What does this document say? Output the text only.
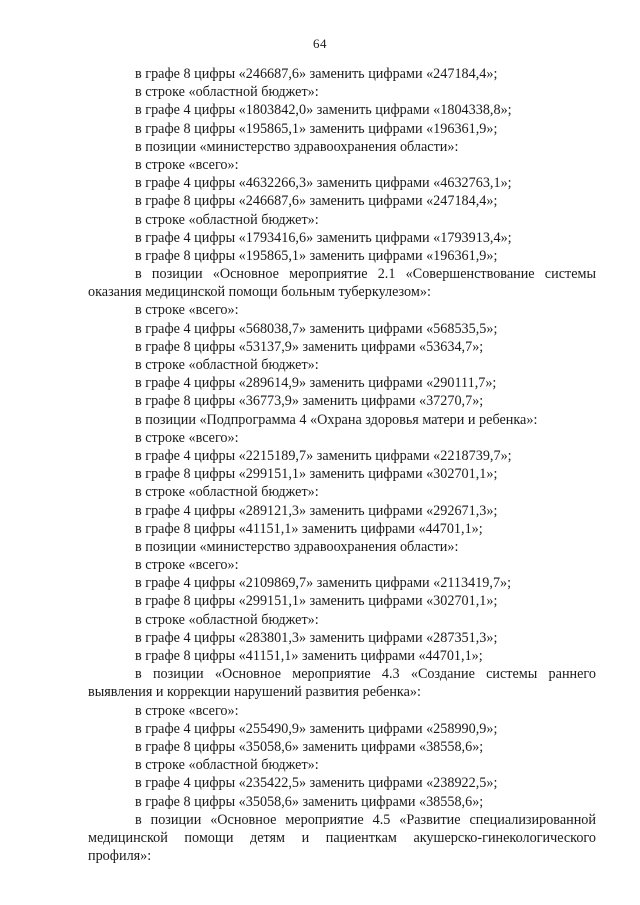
64
в графе 8 цифры «246687,6» заменить цифрами «247184,4»;
в строке «областной бюджет»:
в графе 4 цифры «1803842,0» заменить цифрами «1804338,8»;
в графе 8 цифры «195865,1» заменить цифрами «196361,9»;
в позиции «министерство здравоохранения области»:
в строке «всего»:
в графе 4 цифры «4632266,3» заменить цифрами «4632763,1»;
в графе 8 цифры «246687,6» заменить цифрами «247184,4»;
в строке «областной бюджет»:
в графе 4 цифры «1793416,6» заменить цифрами «1793913,4»;
в графе 8 цифры «195865,1» заменить цифрами «196361,9»;
в позиции «Основное мероприятие 2.1 «Совершенствование системы оказания медицинской помощи больным туберкулезом»:
в строке «всего»:
в графе 4 цифры «568038,7» заменить цифрами «568535,5»;
в графе 8 цифры «53137,9» заменить цифрами «53634,7»;
в строке «областной бюджет»:
в графе 4 цифры «289614,9» заменить цифрами «290111,7»;
в графе 8 цифры «36773,9» заменить цифрами «37270,7»;
в позиции «Подпрограмма 4 «Охрана здоровья матери и ребенка»:
в строке «всего»:
в графе 4 цифры «2215189,7» заменить цифрами «2218739,7»;
в графе 8 цифры «299151,1» заменить цифрами «302701,1»;
в строке «областной бюджет»:
в графе 4 цифры «289121,3» заменить цифрами «292671,3»;
в графе 8 цифры «41151,1» заменить цифрами «44701,1»;
в позиции «министерство здравоохранения области»:
в строке «всего»:
в графе 4 цифры «2109869,7» заменить цифрами «2113419,7»;
в графе 8 цифры «299151,1» заменить цифрами «302701,1»;
в строке «областной бюджет»:
в графе 4 цифры «283801,3» заменить цифрами «287351,3»;
в графе 8 цифры «41151,1» заменить цифрами «44701,1»;
в позиции «Основное мероприятие 4.3 «Создание системы раннего выявления и коррекции нарушений развития ребенка»:
в строке «всего»:
в графе 4 цифры «255490,9» заменить цифрами «258990,9»;
в графе 8 цифры «35058,6» заменить цифрами «38558,6»;
в строке «областной бюджет»:
в графе 4 цифры «235422,5» заменить цифрами «238922,5»;
в графе 8 цифры «35058,6» заменить цифрами «38558,6»;
в позиции «Основное мероприятие 4.5 «Развитие специализированной медицинской помощи детям и пациенткам акушерско-гинекологического профиля»:
